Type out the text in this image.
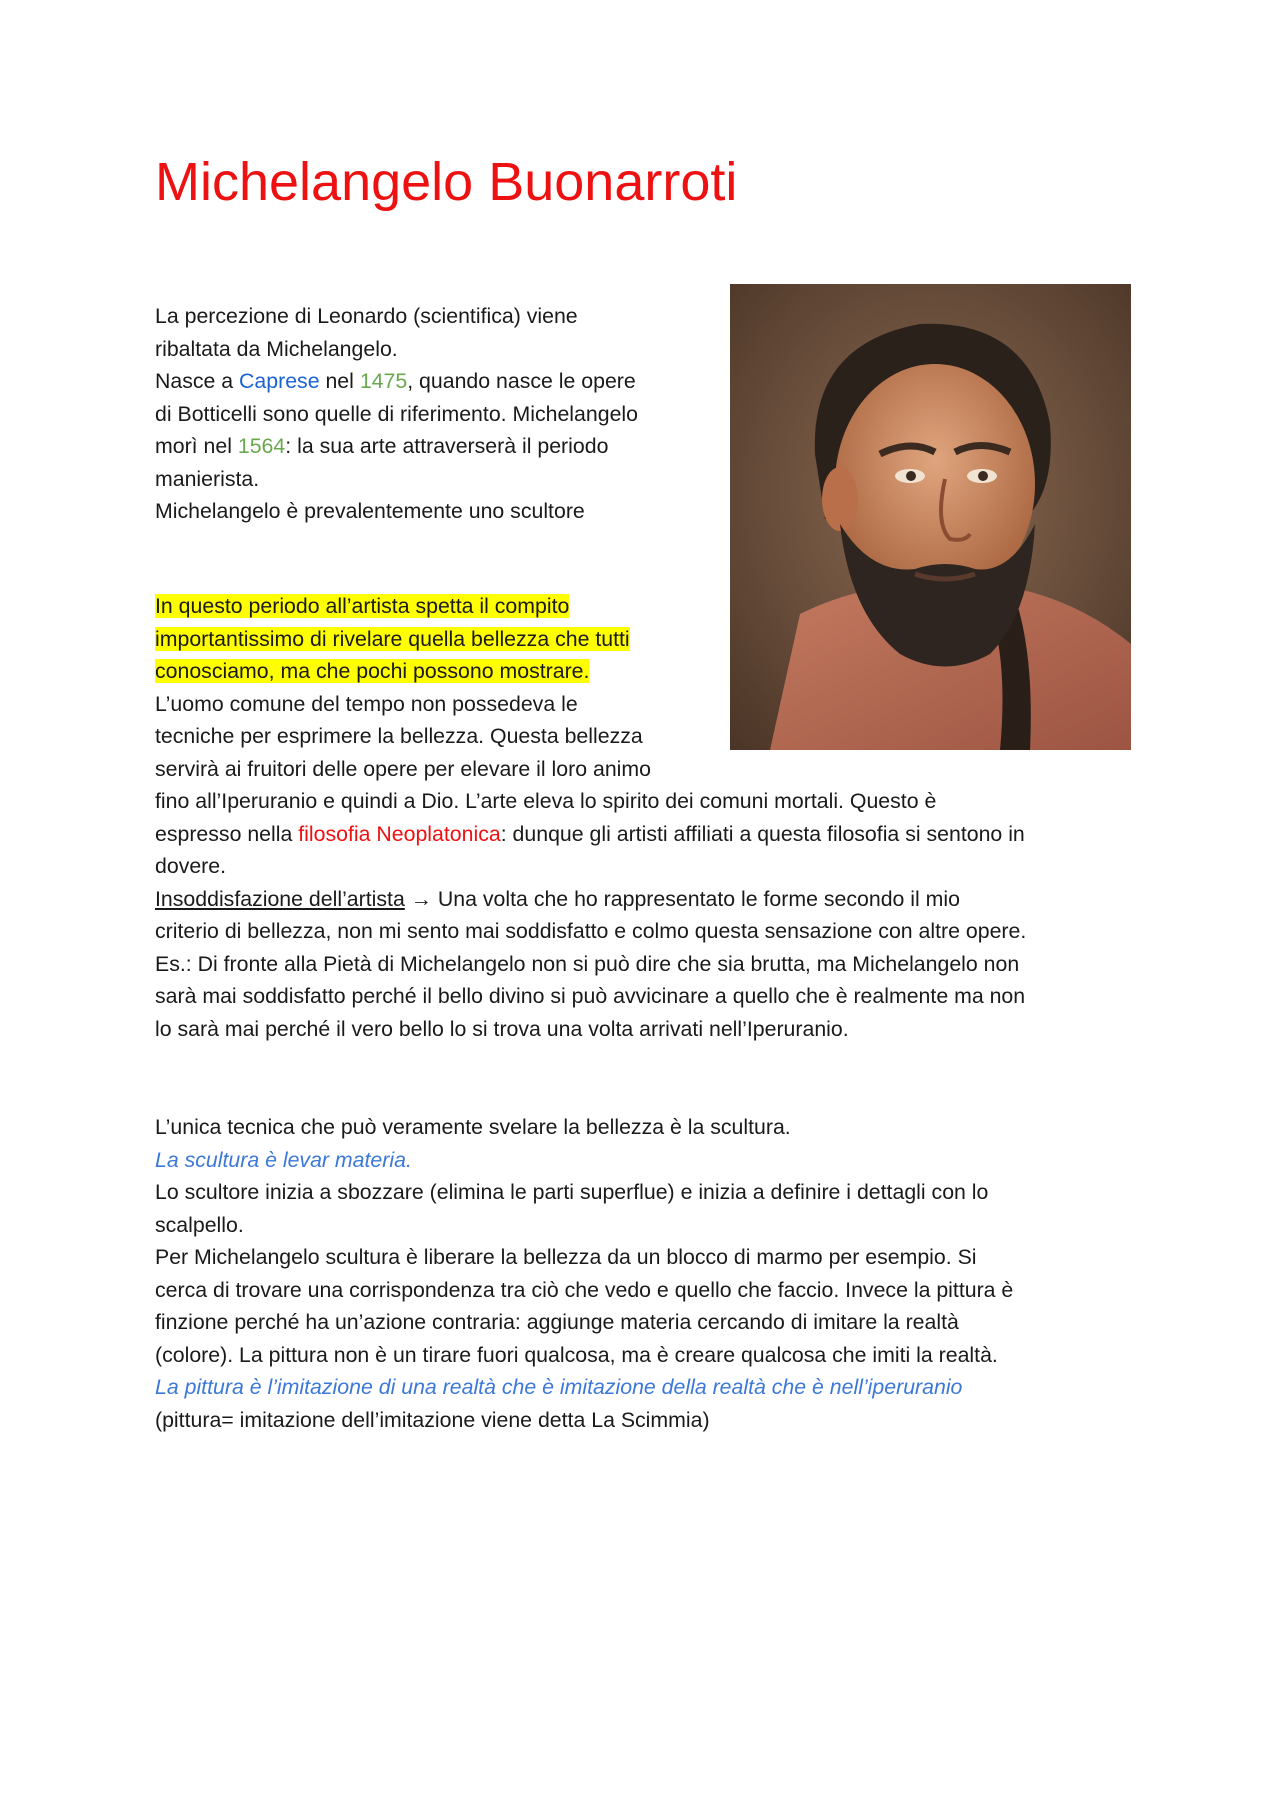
Michelangelo Buonarroti
La percezione di Leonardo (scientifica) viene
ribaltata da Michelangelo.
Nasce a Caprese nel 1475, quando nasce le opere
di Botticelli sono quelle di riferimento. Michelangelo
morì nel 1564: la sua arte attraverserà il periodo
manierista.
Michelangelo è prevalentemente uno scultore
In questo periodo all’artista spetta il compito
importantissimo di rivelare quella bellezza che tutti
conosciamo, ma che pochi possono mostrare.
L’uomo comune del tempo non possedeva le
tecniche per esprimere la bellezza. Questa bellezza
servirà ai fruitori delle opere per elevare il loro animo
fino all’Iperuranio e quindi a Dio. L’arte eleva lo spirito dei comuni mortali. Questo è
espresso nella filosofia Neoplatonica: dunque gli artisti affiliati a questa filosofia si sentono in
dovere.
Insoddisfazione dell’artista → Una volta che ho rappresentato le forme secondo il mio
criterio di bellezza, non mi sento mai soddisfatto e colmo questa sensazione con altre opere.
Es.: Di fronte alla Pietà di Michelangelo non si può dire che sia brutta, ma Michelangelo non
sarà mai soddisfatto perché il bello divino si può avvicinare a quello che è realmente ma non
lo sarà mai perché il vero bello lo si trova una volta arrivati nell’Iperuranio.
L’unica tecnica che può veramente svelare la bellezza è la scultura.
La scultura è levar materia.
Lo scultore inizia a sbozzare (elimina le parti superflue) e inizia a definire i dettagli con lo
scalpello.
Per Michelangelo scultura è liberare la bellezza da un blocco di marmo per esempio. Si
cerca di trovare una corrispondenza tra ciò che vedo e quello che faccio. Invece la pittura è
finzione perché ha un’azione contraria: aggiunge materia cercando di imitare la realtà
(colore). La pittura non è un tirare fuori qualcosa, ma è creare qualcosa che imiti la realtà.
La pittura è l’imitazione di una realtà che è imitazione della realtà che è nell’iperuranio
(pittura= imitazione dell’imitazione viene detta La Scimmia)
